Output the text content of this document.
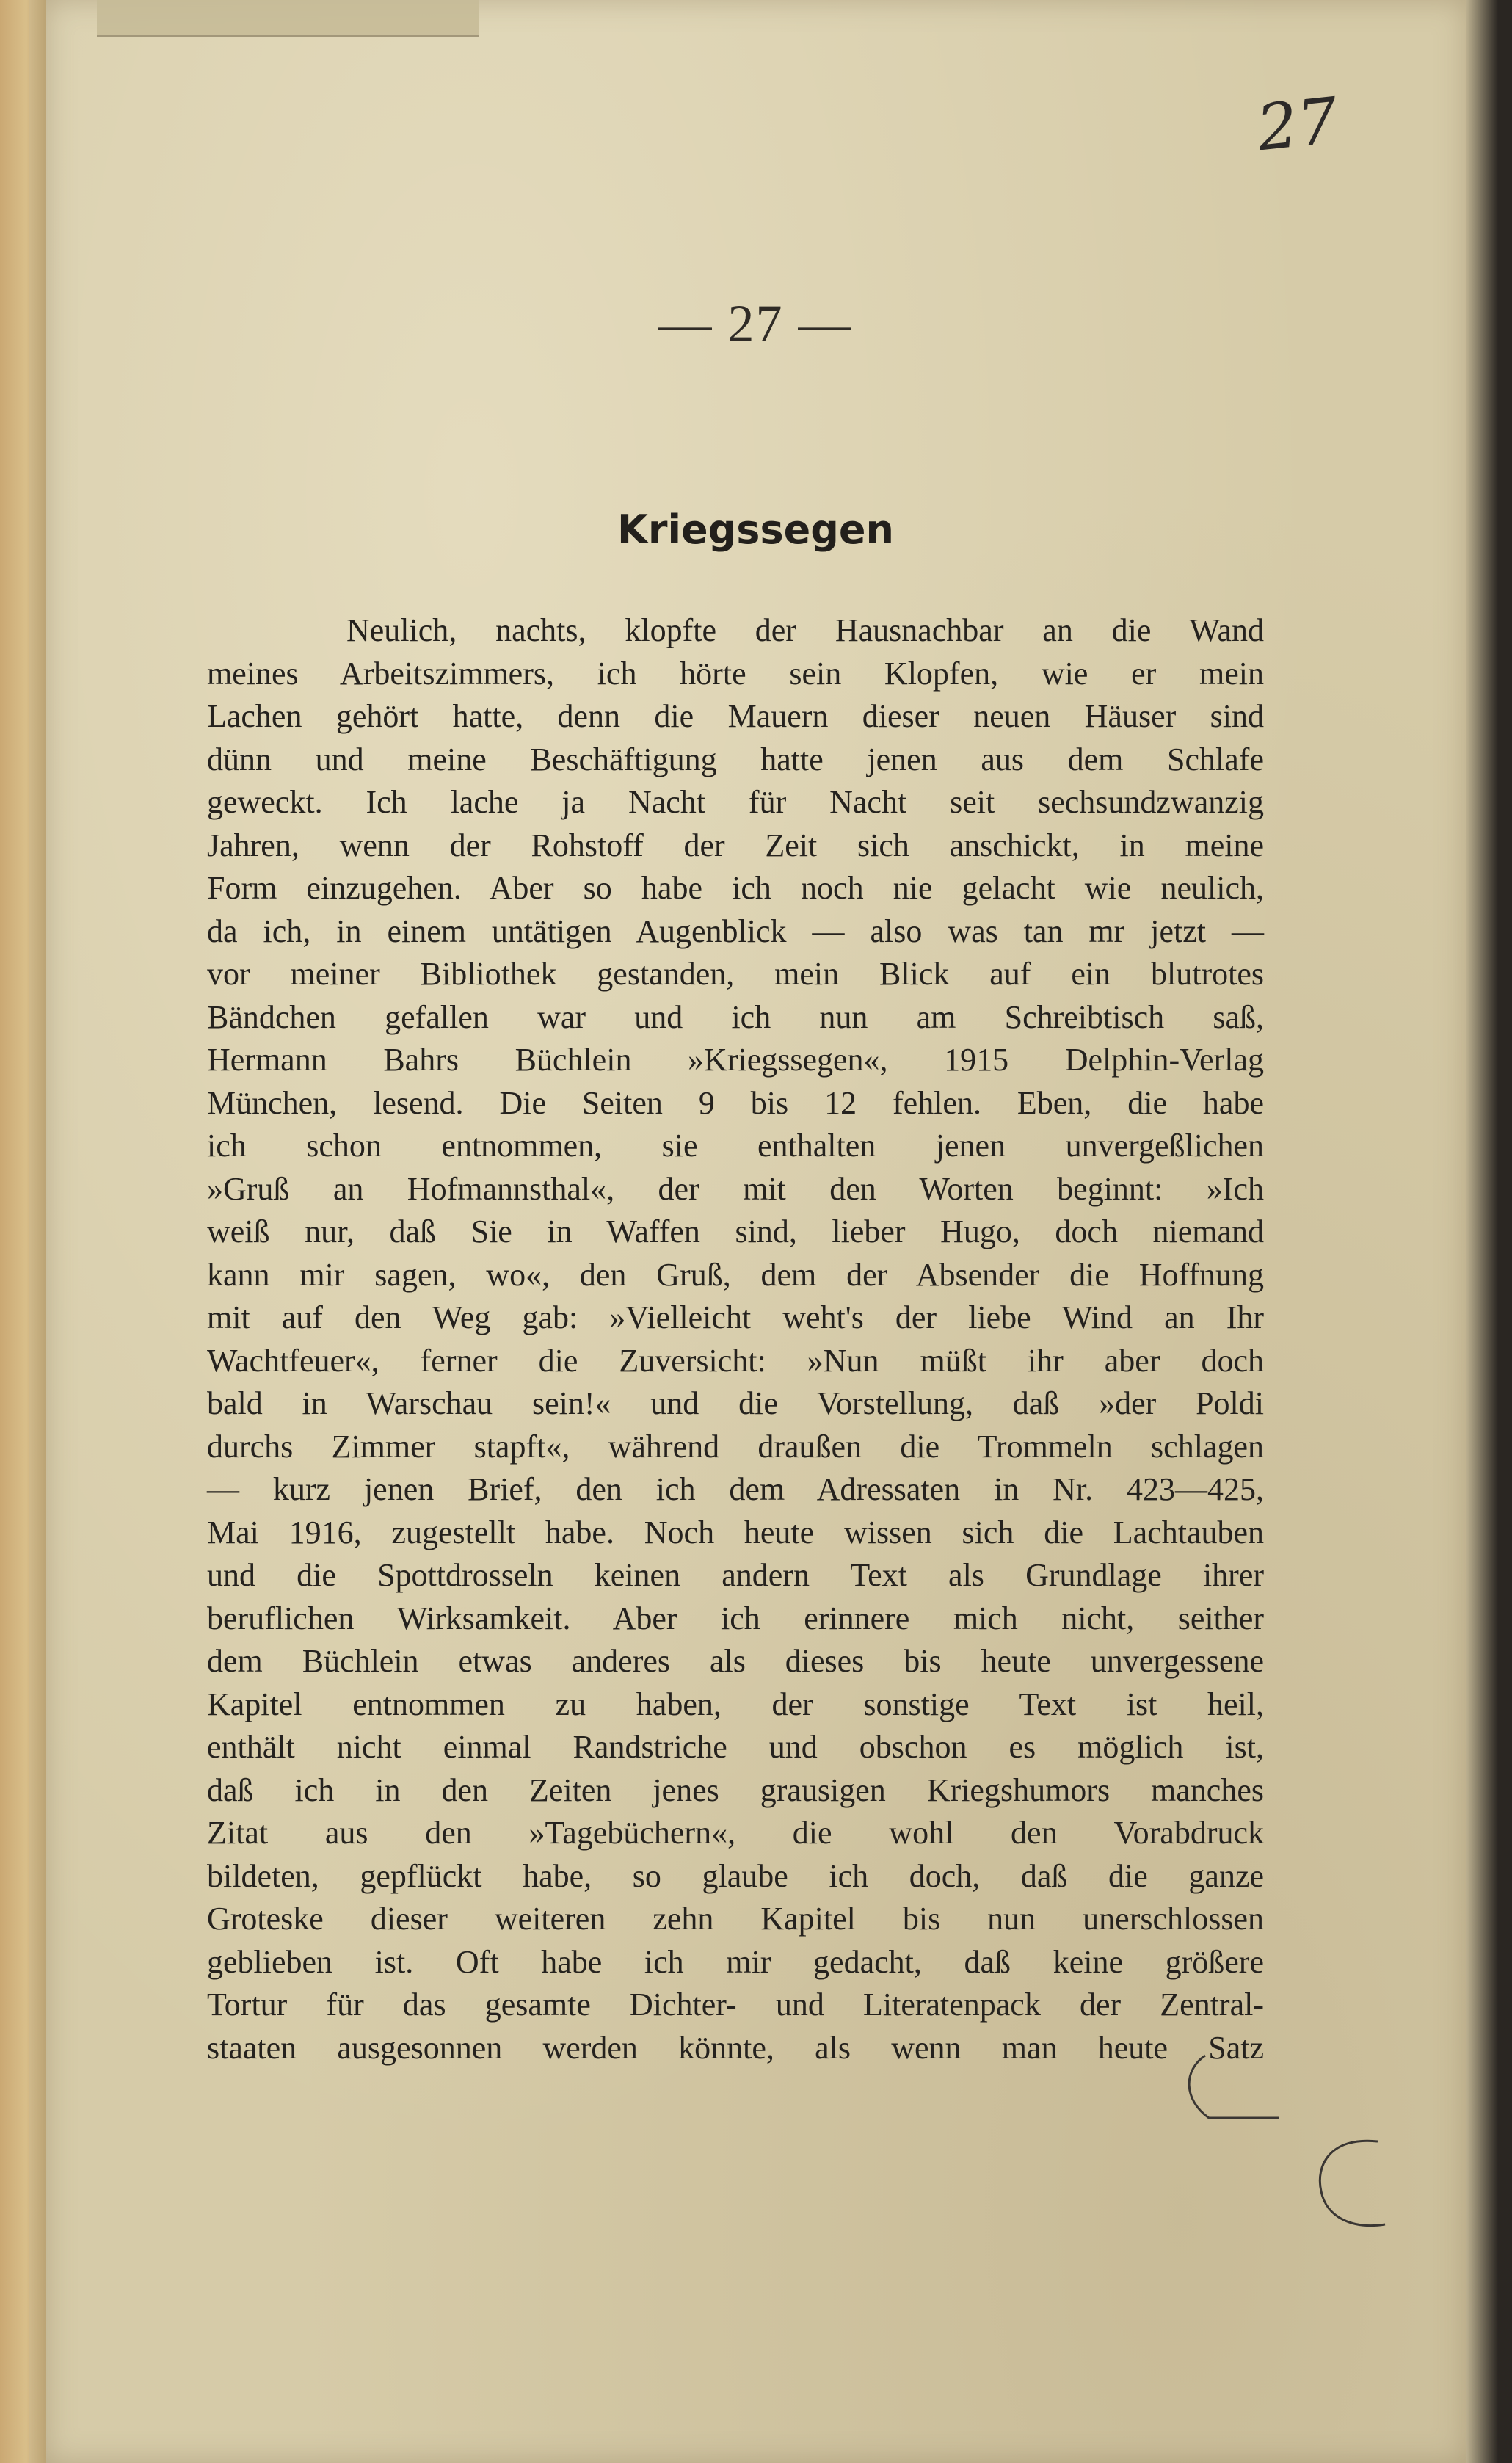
27
— 27 —
Kriegssegen
Neulich, nachts, klopfte der Hausnachbar an die Wand
meines Arbeitszimmers, ich hörte sein Klopfen, wie er mein
Lachen gehört hatte, denn die Mauern dieser neuen Häuser sind
dünn und meine Beschäftigung hatte jenen aus dem Schlafe
geweckt. Ich lache ja Nacht für Nacht seit sechsundzwanzig
Jahren, wenn der Rohstoff der Zeit sich anschickt, in meine
Form einzugehen. Aber so habe ich noch nie gelacht wie neulich,
da ich, in einem untätigen Augenblick — also was tan mr jetzt —
vor meiner Bibliothek gestanden, mein Blick auf ein blutrotes
Bändchen gefallen war und ich nun am Schreibtisch saß,
Hermann Bahrs Büchlein »Kriegssegen«, 1915 Delphin-Verlag
München, lesend. Die Seiten 9 bis 12 fehlen. Eben, die habe
ich schon entnommen, sie enthalten jenen unvergeßlichen
»Gruß an Hofmannsthal«, der mit den Worten beginnt: »Ich
weiß nur, daß Sie in Waffen sind, lieber Hugo, doch niemand
kann mir sagen, wo«, den Gruß, dem der Absender die Hoffnung
mit auf den Weg gab: »Vielleicht weht's der liebe Wind an Ihr
Wachtfeuer«, ferner die Zuversicht: »Nun müßt ihr aber doch
bald in Warschau sein!« und die Vorstellung, daß »der Poldi
durchs Zimmer stapft«, während draußen die Trommeln schlagen
— kurz jenen Brief, den ich dem Adressaten in Nr. 423—425,
Mai 1916, zugestellt habe. Noch heute wissen sich die Lachtauben
und die Spottdrosseln keinen andern Text als Grundlage ihrer
beruflichen Wirksamkeit. Aber ich erinnere mich nicht, seither
dem Büchlein etwas anderes als dieses bis heute unvergessene
Kapitel entnommen zu haben, der sonstige Text ist heil,
enthält nicht einmal Randstriche und obschon es möglich ist,
daß ich in den Zeiten jenes grausigen Kriegshumors manches
Zitat aus den »Tagebüchern«, die wohl den Vorabdruck
bildeten, gepflückt habe, so glaube ich doch, daß die ganze
Groteske dieser weiteren zehn Kapitel bis nun unerschlossen
geblieben ist. Oft habe ich mir gedacht, daß keine größere
Tortur für das gesamte Dichter- und Literatenpack der Zentral-
staaten ausgesonnen werden könnte, als wenn man heute Satz
